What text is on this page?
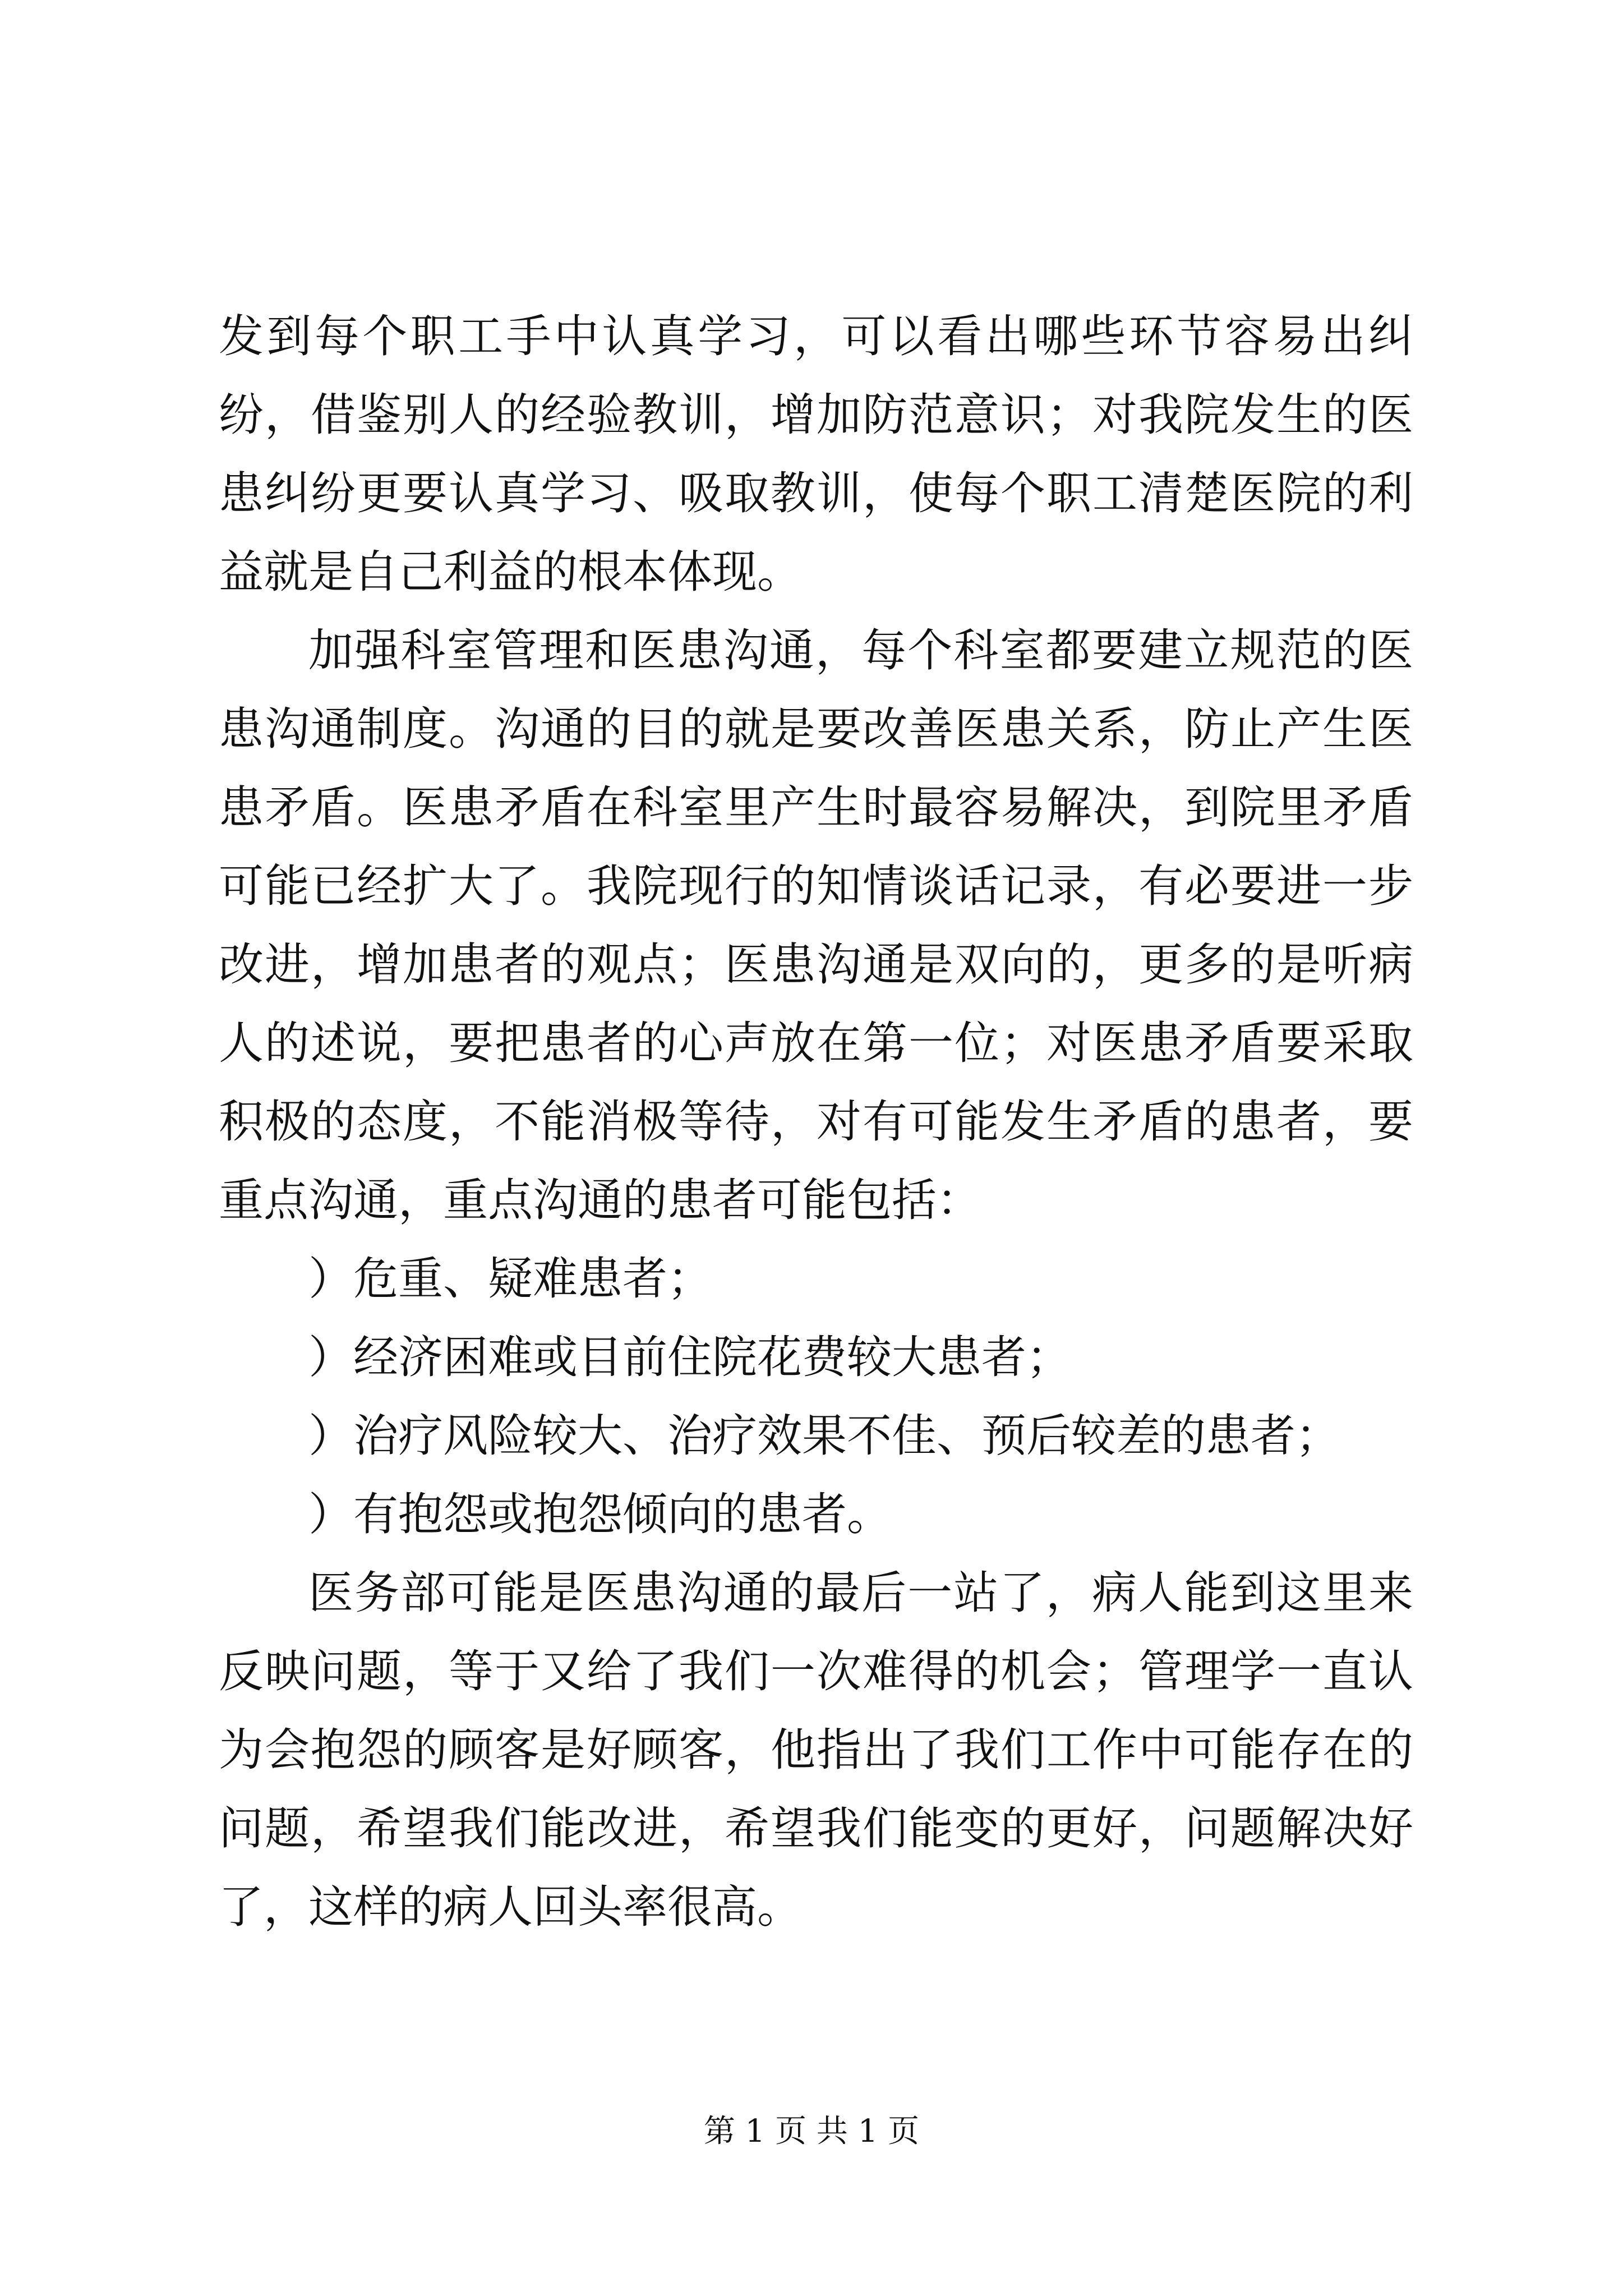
发到每个职工手中认真学习，可以看出哪些环节容易出纠纷，借鉴别人的经验教训，增加防范意识；对我院发生的医患纠纷更要认真学习、吸取教训，使每个职工清楚医院的利益就是自己利益的根本体现。

加强科室管理和医患沟通，每个科室都要建立规范的医患沟通制度。沟通的目的就是要改善医患关系，防止产生医患矛盾。医患矛盾在科室里产生时最容易解决，到院里矛盾可能已经扩大了。我院现行的知情谈话记录，有必要进一步改进，增加患者的观点；医患沟通是双向的，更多的是听病人的述说，要把患者的心声放在第一位；对医患矛盾要采取积极的态度，不能消极等待，对有可能发生矛盾的患者，要重点沟通，重点沟通的患者可能包括：

）危重、疑难患者；

）经济困难或目前住院花费较大患者；

）治疗风险较大、治疗效果不佳、预后较差的患者；

）有抱怨或抱怨倾向的患者。

医务部可能是医患沟通的最后一站了，病人能到这里来反映问题，等于又给了我们一次难得的机会；管理学一直认为会抱怨的顾客是好顾客，他指出了我们工作中可能存在的问题，希望我们能改进，希望我们能变的更好，问题解决好了，这样的病人回头率很高。

第 1 页 共 1 页
